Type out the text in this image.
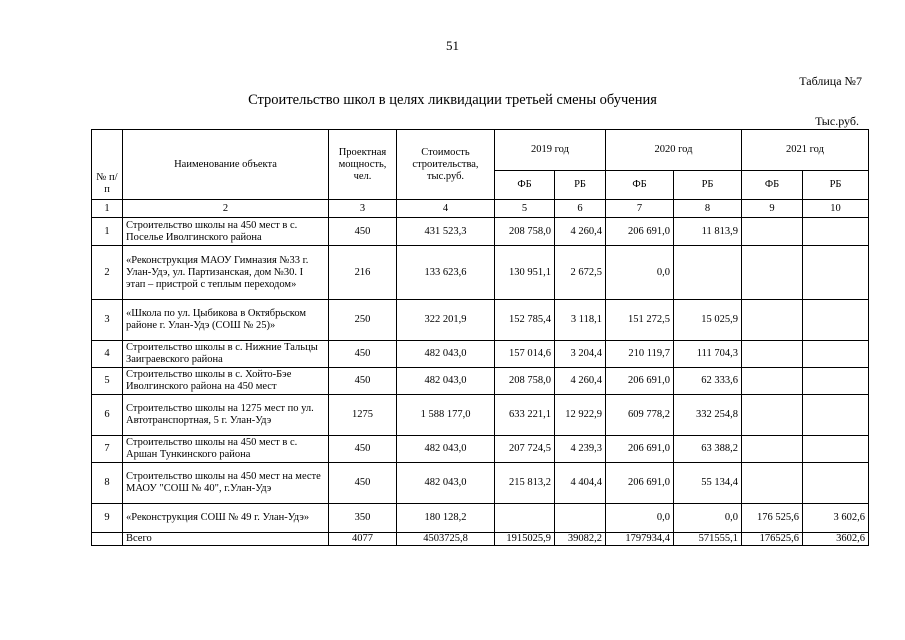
51
Таблица №7
Строительство школ в целях ликвидации третьей смены обучения
Тыс.руб.
№ п/п	Наименование объекта	Проектная мощность, чел.	Стоимость строительства, тыс.руб.	2019 год		2020 год		2021 год	
				ФБ	РБ	ФБ	РБ	ФБ	РБ
1	2	3	4	5	6	7	8	9	10
1	Строительство школы на 450 мест в с. Поселье Иволгинского района	450	431 523,3	208 758,0	4 260,4	206 691,0	11 813,9		
2	«Реконструкция МАОУ Гимназия №33 г. Улан-Удэ, ул. Партизанская, дом №30. I этап – пристрой с теплым переходом»	216	133 623,6	130 951,1	2 672,5	0,0			
3	«Школа по ул. Цыбикова в Октябрьском районе г. Улан-Удэ (СОШ № 25)»	250	322 201,9	152 785,4	3 118,1	151 272,5	15 025,9		
4	Строительство школы в с. Нижние Тальцы Заиграевского района	450	482 043,0	157 014,6	3 204,4	210 119,7	111 704,3		
5	Строительство школы в с. Хойто-Бэе Иволгинского района на 450 мест	450	482 043,0	208 758,0	4 260,4	206 691,0	62 333,6		
6	Строительство школы на 1275 мест по ул. Автотранспортная, 5 г. Улан-Удэ	1275	1 588 177,0	633 221,1	12 922,9	609 778,2	332 254,8		
7	Строительство школы на 450 мест в с. Аршан Тункинского района	450	482 043,0	207 724,5	4 239,3	206 691,0	63 388,2		
8	Строительство школы на 450 мест на месте МАОУ "СОШ № 40", г.Улан-Удэ	450	482 043,0	215 813,2	4 404,4	206 691,0	55 134,4		
9	«Реконструкция СОШ № 49 г. Улан-Удэ»	350	180 128,2			0,0	0,0	176 525,6	3 602,6
	Всего	4077	4503725,8	1915025,9	39082,2	1797934,4	571555,1	176525,6	3602,6
